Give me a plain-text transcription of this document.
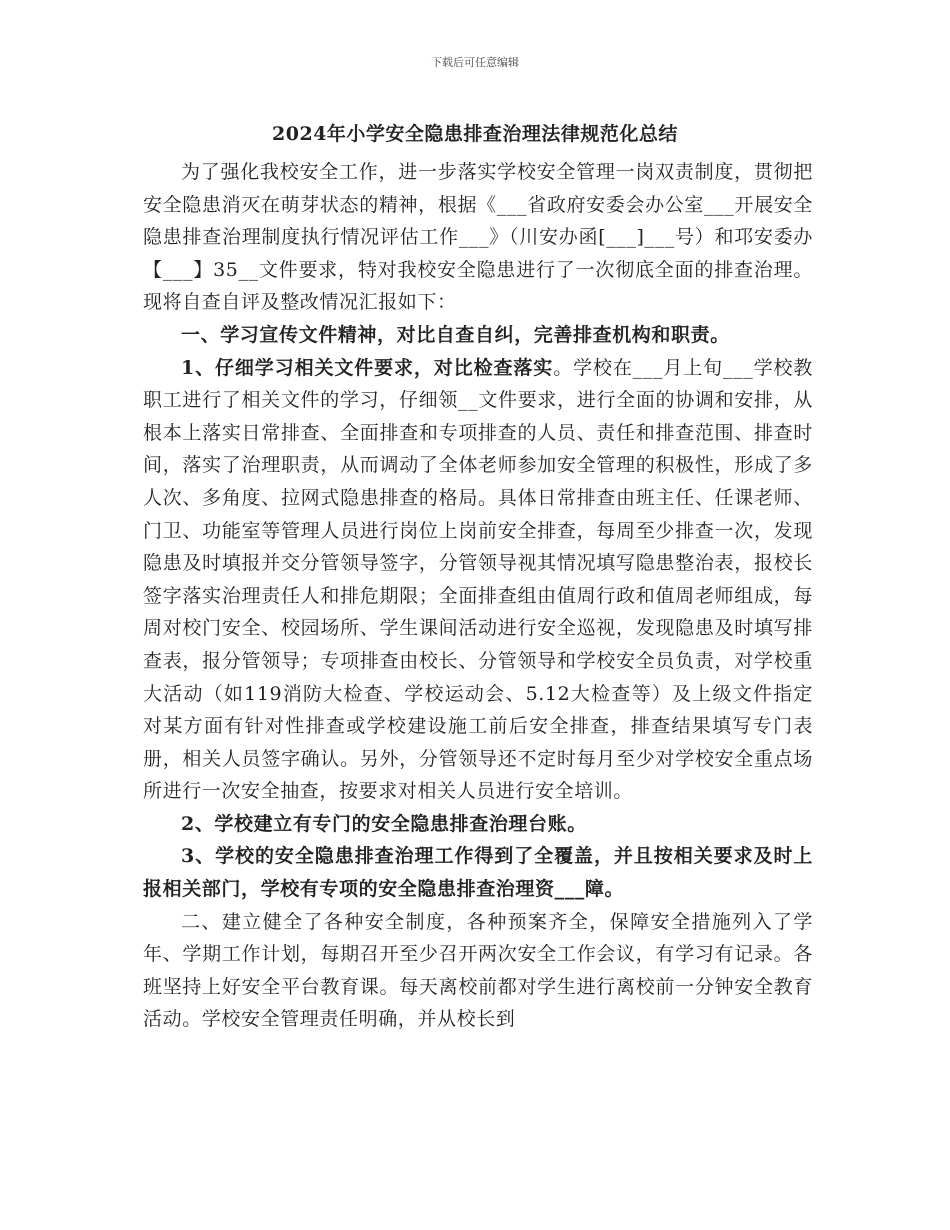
下载后可任意编辑
2024年小学安全隐患排查治理法律规范化总结

为了强化我校安全工作，进一步落实学校安全管理一岗双责制度，贯彻把安全隐患消灭在萌芽状态的精神，根据《___省政府安委会办公室___开展安全隐患排查治理制度执行情况评估工作___》（川安办函[___]___号）和邛安委办【___】35__文件要求，特对我校安全隐患进行了一次彻底全面的排查治理。现将自查自评及整改情况汇报如下：

一、学习宣传文件精神，对比自查自纠，完善排查机构和职责。

1、仔细学习相关文件要求，对比检查落实。学校在___月上旬___学校教职工进行了相关文件的学习，仔细领__文件要求，进行全面的协调和安排，从根本上落实日常排查、全面排查和专项排查的人员、责任和排查范围、排查时间，落实了治理职责，从而调动了全体老师参加安全管理的积极性，形成了多人次、多角度、拉网式隐患排查的格局。具体日常排查由班主任、任课老师、门卫、功能室等管理人员进行岗位上岗前安全排查，每周至少排查一次，发现隐患及时填报并交分管领导签字，分管领导视其情况填写隐患整治表，报校长签字落实治理责任人和排危期限；全面排查组由值周行政和值周老师组成，每周对校门安全、校园场所、学生课间活动进行安全巡视，发现隐患及时填写排查表，报分管领导；专项排查由校长、分管领导和学校安全员负责，对学校重大活动（如119消防大检查、学校运动会、5.12大检查等）及上级文件指定对某方面有针对性排查或学校建设施工前后安全排查，排查结果填写专门表册，相关人员签字确认。另外，分管领导还不定时每月至少对学校安全重点场所进行一次安全抽查，按要求对相关人员进行安全培训。

2、学校建立有专门的安全隐患排查治理台账。

3、学校的安全隐患排查治理工作得到了全覆盖，并且按相关要求及时上报相关部门，学校有专项的安全隐患排查治理资___障。

二、建立健全了各种安全制度，各种预案齐全，保障安全措施列入了学年、学期工作计划，每期召开至少召开两次安全工作会议，有学习有记录。各班坚持上好安全平台教育课。每天离校前都对学生进行离校前一分钟安全教育活动。学校安全管理责任明确，并从校长到
